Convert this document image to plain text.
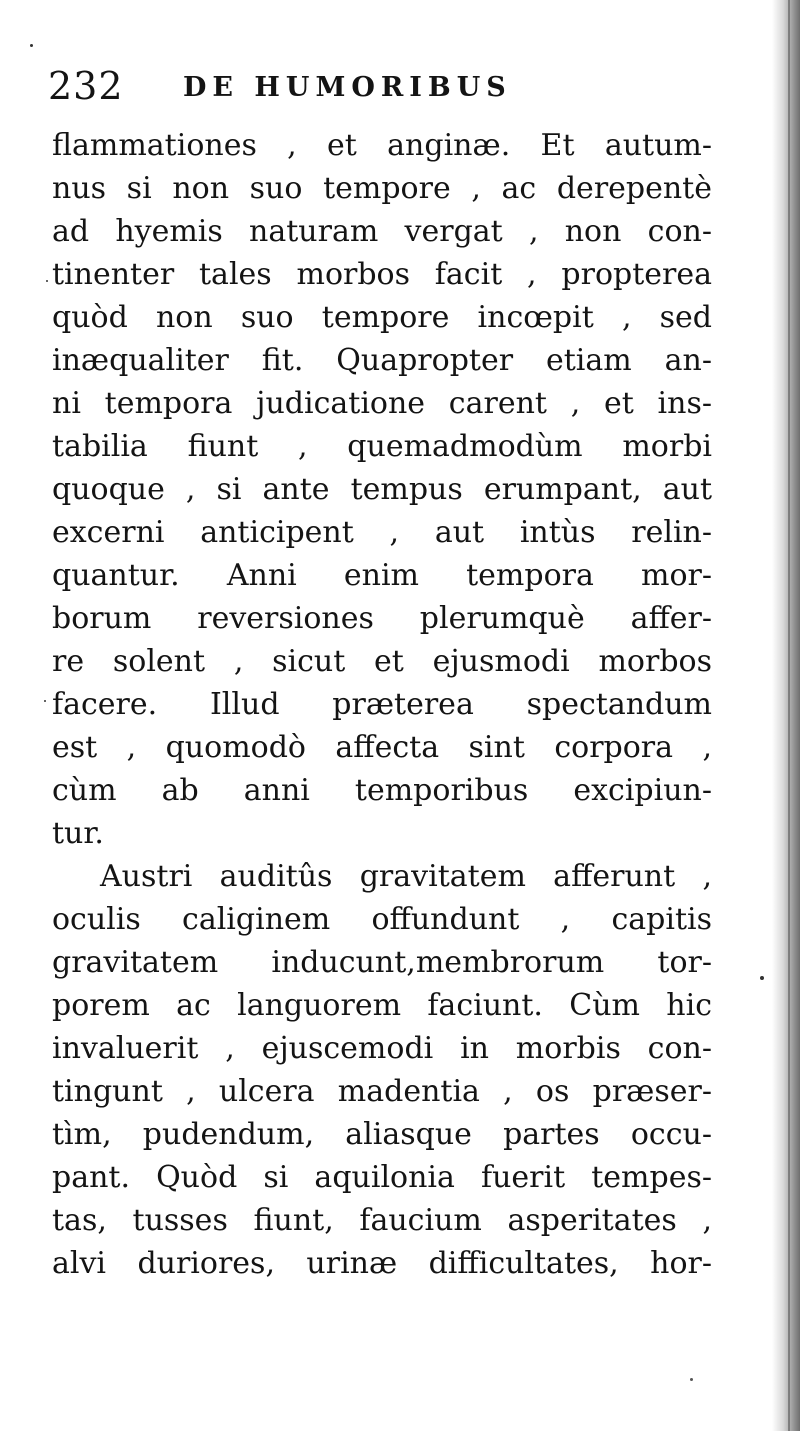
232 DE HUMORIBUS
flammationes , et anginæ. Et autum-
nus si non suo tempore , ac derepentè
ad hyemis naturam vergat , non con-
tinenter tales morbos facit , propterea
quòd non suo tempore incœpit , sed
inæqualiter fit. Quapropter etiam an-
ni tempora judicatione carent , et ins-
tabilia fiunt , quemadmodùm morbi
quoque , si ante tempus erumpant, aut
excerni anticipent , aut intùs relin-
quantur. Anni enim tempora mor-
borum reversiones plerumquè affer-
re solent , sicut et ejusmodi morbos
facere. Illud præterea spectandum
est , quomodò affecta sint corpora ,
cùm ab anni temporibus excipiun-
tur.
Austri auditûs gravitatem afferunt ,
oculis caliginem offundunt , capitis
gravitatem inducunt,membrorum tor-
porem ac languorem faciunt. Cùm hic
invaluerit , ejuscemodi in morbis con-
tingunt , ulcera madentia , os præser-
tìm, pudendum, aliasque partes occu-
pant. Quòd si aquilonia fuerit tempes-
tas, tusses fiunt, faucium asperitates ,
alvi duriores, urinæ difficultates, hor-
